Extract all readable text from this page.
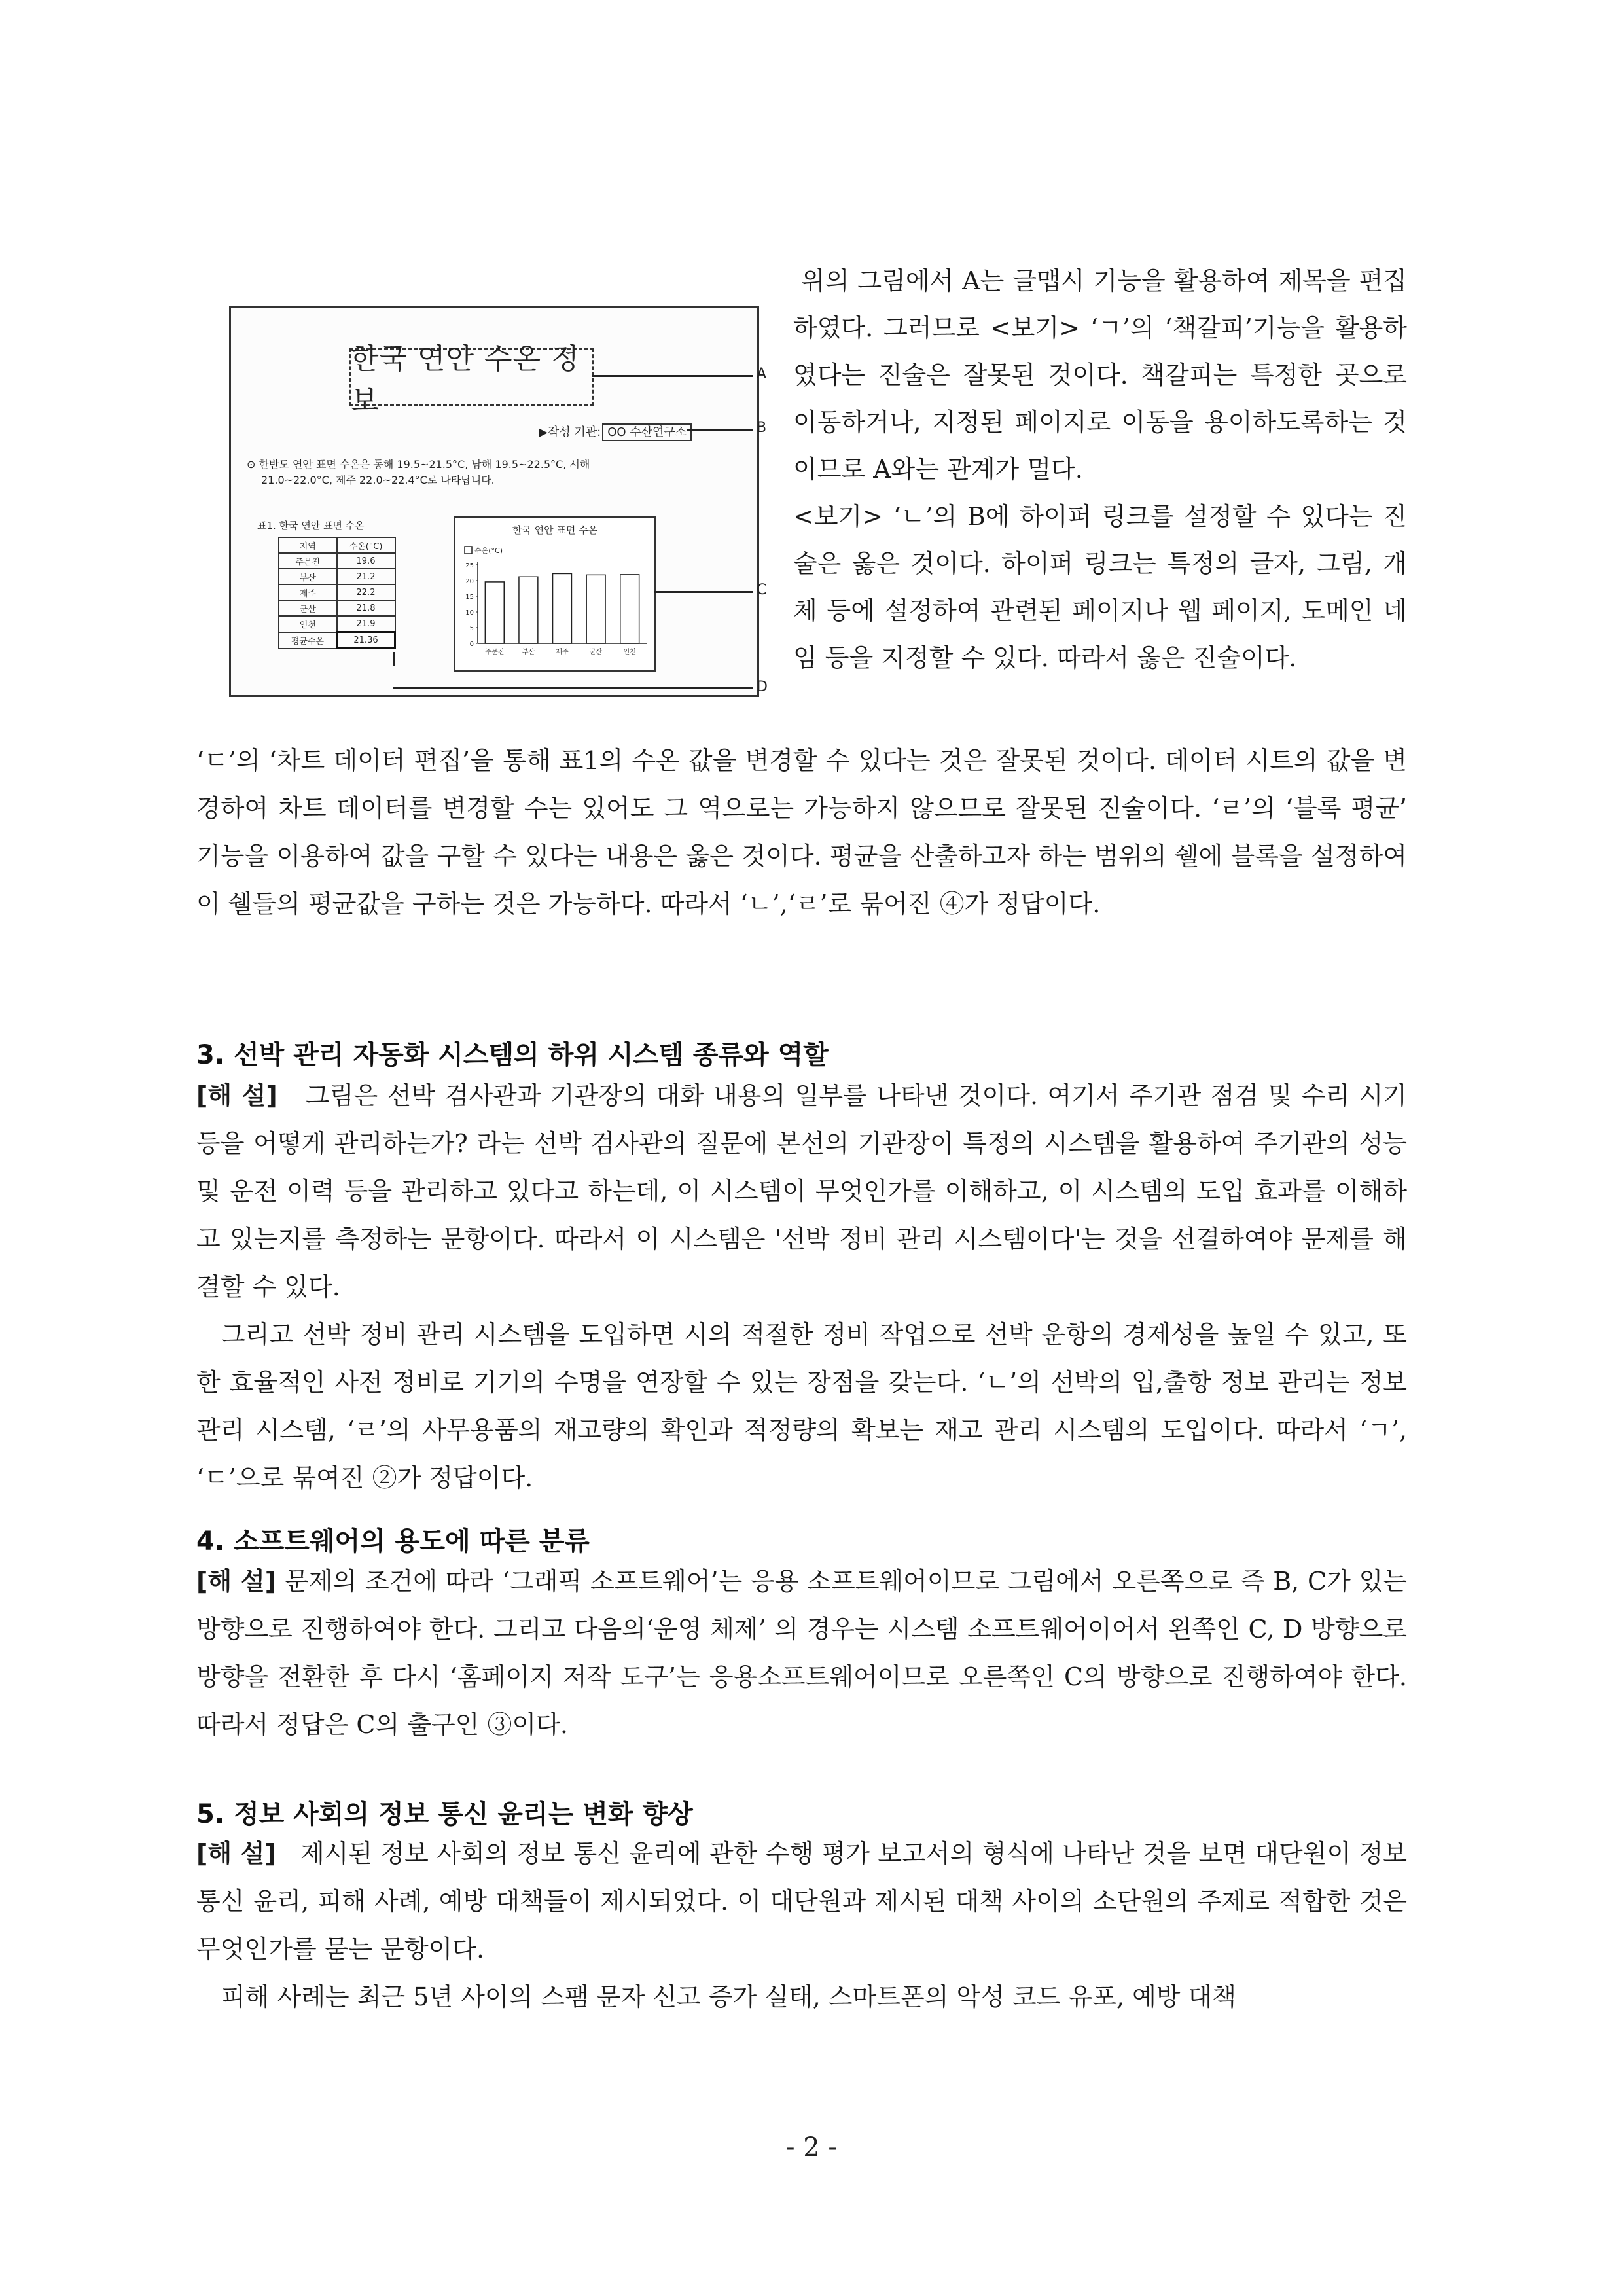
한국 연안 수온 정보
▶작성 기관: OO 수산연구소
⊙ 한반도 연안 표면 수온은 동해 19.5~21.5°C, 남해 19.5~22.5°C, 서해
21.0~22.0°C, 제주 22.0~22.4°C로 나타납니다.
표1. 한국 연안 표면 수온
지역	수온(°C)
주문진	19.6
부산	21.2
제주	22.2
군산	21.8
인천	21.9
평균수온	21.36
한국 연안 표면 수온
수온(°C)
25
20
15
10
5
0
주문진	부산	제주	군산	인천
A
B
C
D

위의 그림에서 A는 글맵시 기능을 활용하여 제목을 편집하였다. 그러므로 <보기> ‘ㄱ’의 ‘책갈피’기능을 활용하였다는 진술은 잘못된 것이다. 책갈피는 특정한 곳으로 이동하거나, 지정된 페이지로 이동을 용이하도록하는 것이므로 A와는 관계가 멀다.

<보기> ‘ㄴ’의 B에 하이퍼 링크를 설정할 수 있다는 진술은 옳은 것이다. 하이퍼 링크는 특정의 글자, 그림, 개체 등에 설정하여 관련된 페이지나 웹 페이지, 도메인 네임 등을 지정할 수 있다. 따라서 옳은 진술이다.

‘ㄷ’의 ‘차트 데이터 편집’을 통해 표1의 수온 값을 변경할 수 있다는 것은 잘못된 것이다. 데이터 시트의 값을 변경하여 차트 데이터를 변경할 수는 있어도 그 역으로는 가능하지 않으므로 잘못된 진술이다. ‘ㄹ’의 ‘블록 평균’ 기능을 이용하여 값을 구할 수 있다는 내용은 옳은 것이다. 평균을 산출하고자 하는 범위의 쉘에 블록을 설정하여 이 쉘들의 평균값을 구하는 것은 가능하다. 따라서 ‘ㄴ’,‘ㄹ’로 묶어진 ④가 정답이다.

3. 선박 관리 자동화 시스템의 하위 시스템 종류와 역할

[해 설] 그림은 선박 검사관과 기관장의 대화 내용의 일부를 나타낸 것이다. 여기서 주기관 점검 및 수리 시기 등을 어떻게 관리하는가? 라는 선박 검사관의 질문에 본선의 기관장이 특정의 시스템을 활용하여 주기관의 성능 및 운전 이력 등을 관리하고 있다고 하는데, 이 시스템이 무엇인가를 이해하고, 이 시스템의 도입 효과를 이해하고 있는지를 측정하는 문항이다. 따라서 이 시스템은 '선박 정비 관리 시스템이다'는 것을 선결하여야 문제를 해결할 수 있다.

그리고 선박 정비 관리 시스템을 도입하면 시의 적절한 정비 작업으로 선박 운항의 경제성을 높일 수 있고, 또한 효율적인 사전 정비로 기기의 수명을 연장할 수 있는 장점을 갖는다. ‘ㄴ’의 선박의 입,출항 정보 관리는 정보 관리 시스템, ‘ㄹ’의 사무용품의 재고량의 확인과 적정량의 확보는 재고 관리 시스템의 도입이다. 따라서 ‘ㄱ’, ‘ㄷ’으로 묶여진 ②가 정답이다.

4. 소프트웨어의 용도에 따른 분류

[해 설] 문제의 조건에 따라 ‘그래픽 소프트웨어’는 응용 소프트웨어이므로 그림에서 오른쪽으로 즉 B, C가 있는 방향으로 진행하여야 한다. 그리고 다음의‘운영 체제’ 의 경우는 시스템 소프트웨어이어서 왼쪽인 C, D 방향으로 방향을 전환한 후 다시 ‘홈페이지 저작 도구’는 응용소프트웨어이므로 오른쪽인 C의 방향으로 진행하여야 한다. 따라서 정답은 C의 출구인 ③이다.

5. 정보 사회의 정보 통신 윤리는 변화 향상

[해 설] 제시된 정보 사회의 정보 통신 윤리에 관한 수행 평가 보고서의 형식에 나타난 것을 보면 대단원이 정보 통신 윤리, 피해 사례, 예방 대책들이 제시되었다. 이 대단원과 제시된 대책 사이의 소단원의 주제로 적합한 것은 무엇인가를 묻는 문항이다.

피해 사례는 최근 5년 사이의 스팸 문자 신고 증가 실태, 스마트폰의 악성 코드 유포, 예방 대책

- 2 -
